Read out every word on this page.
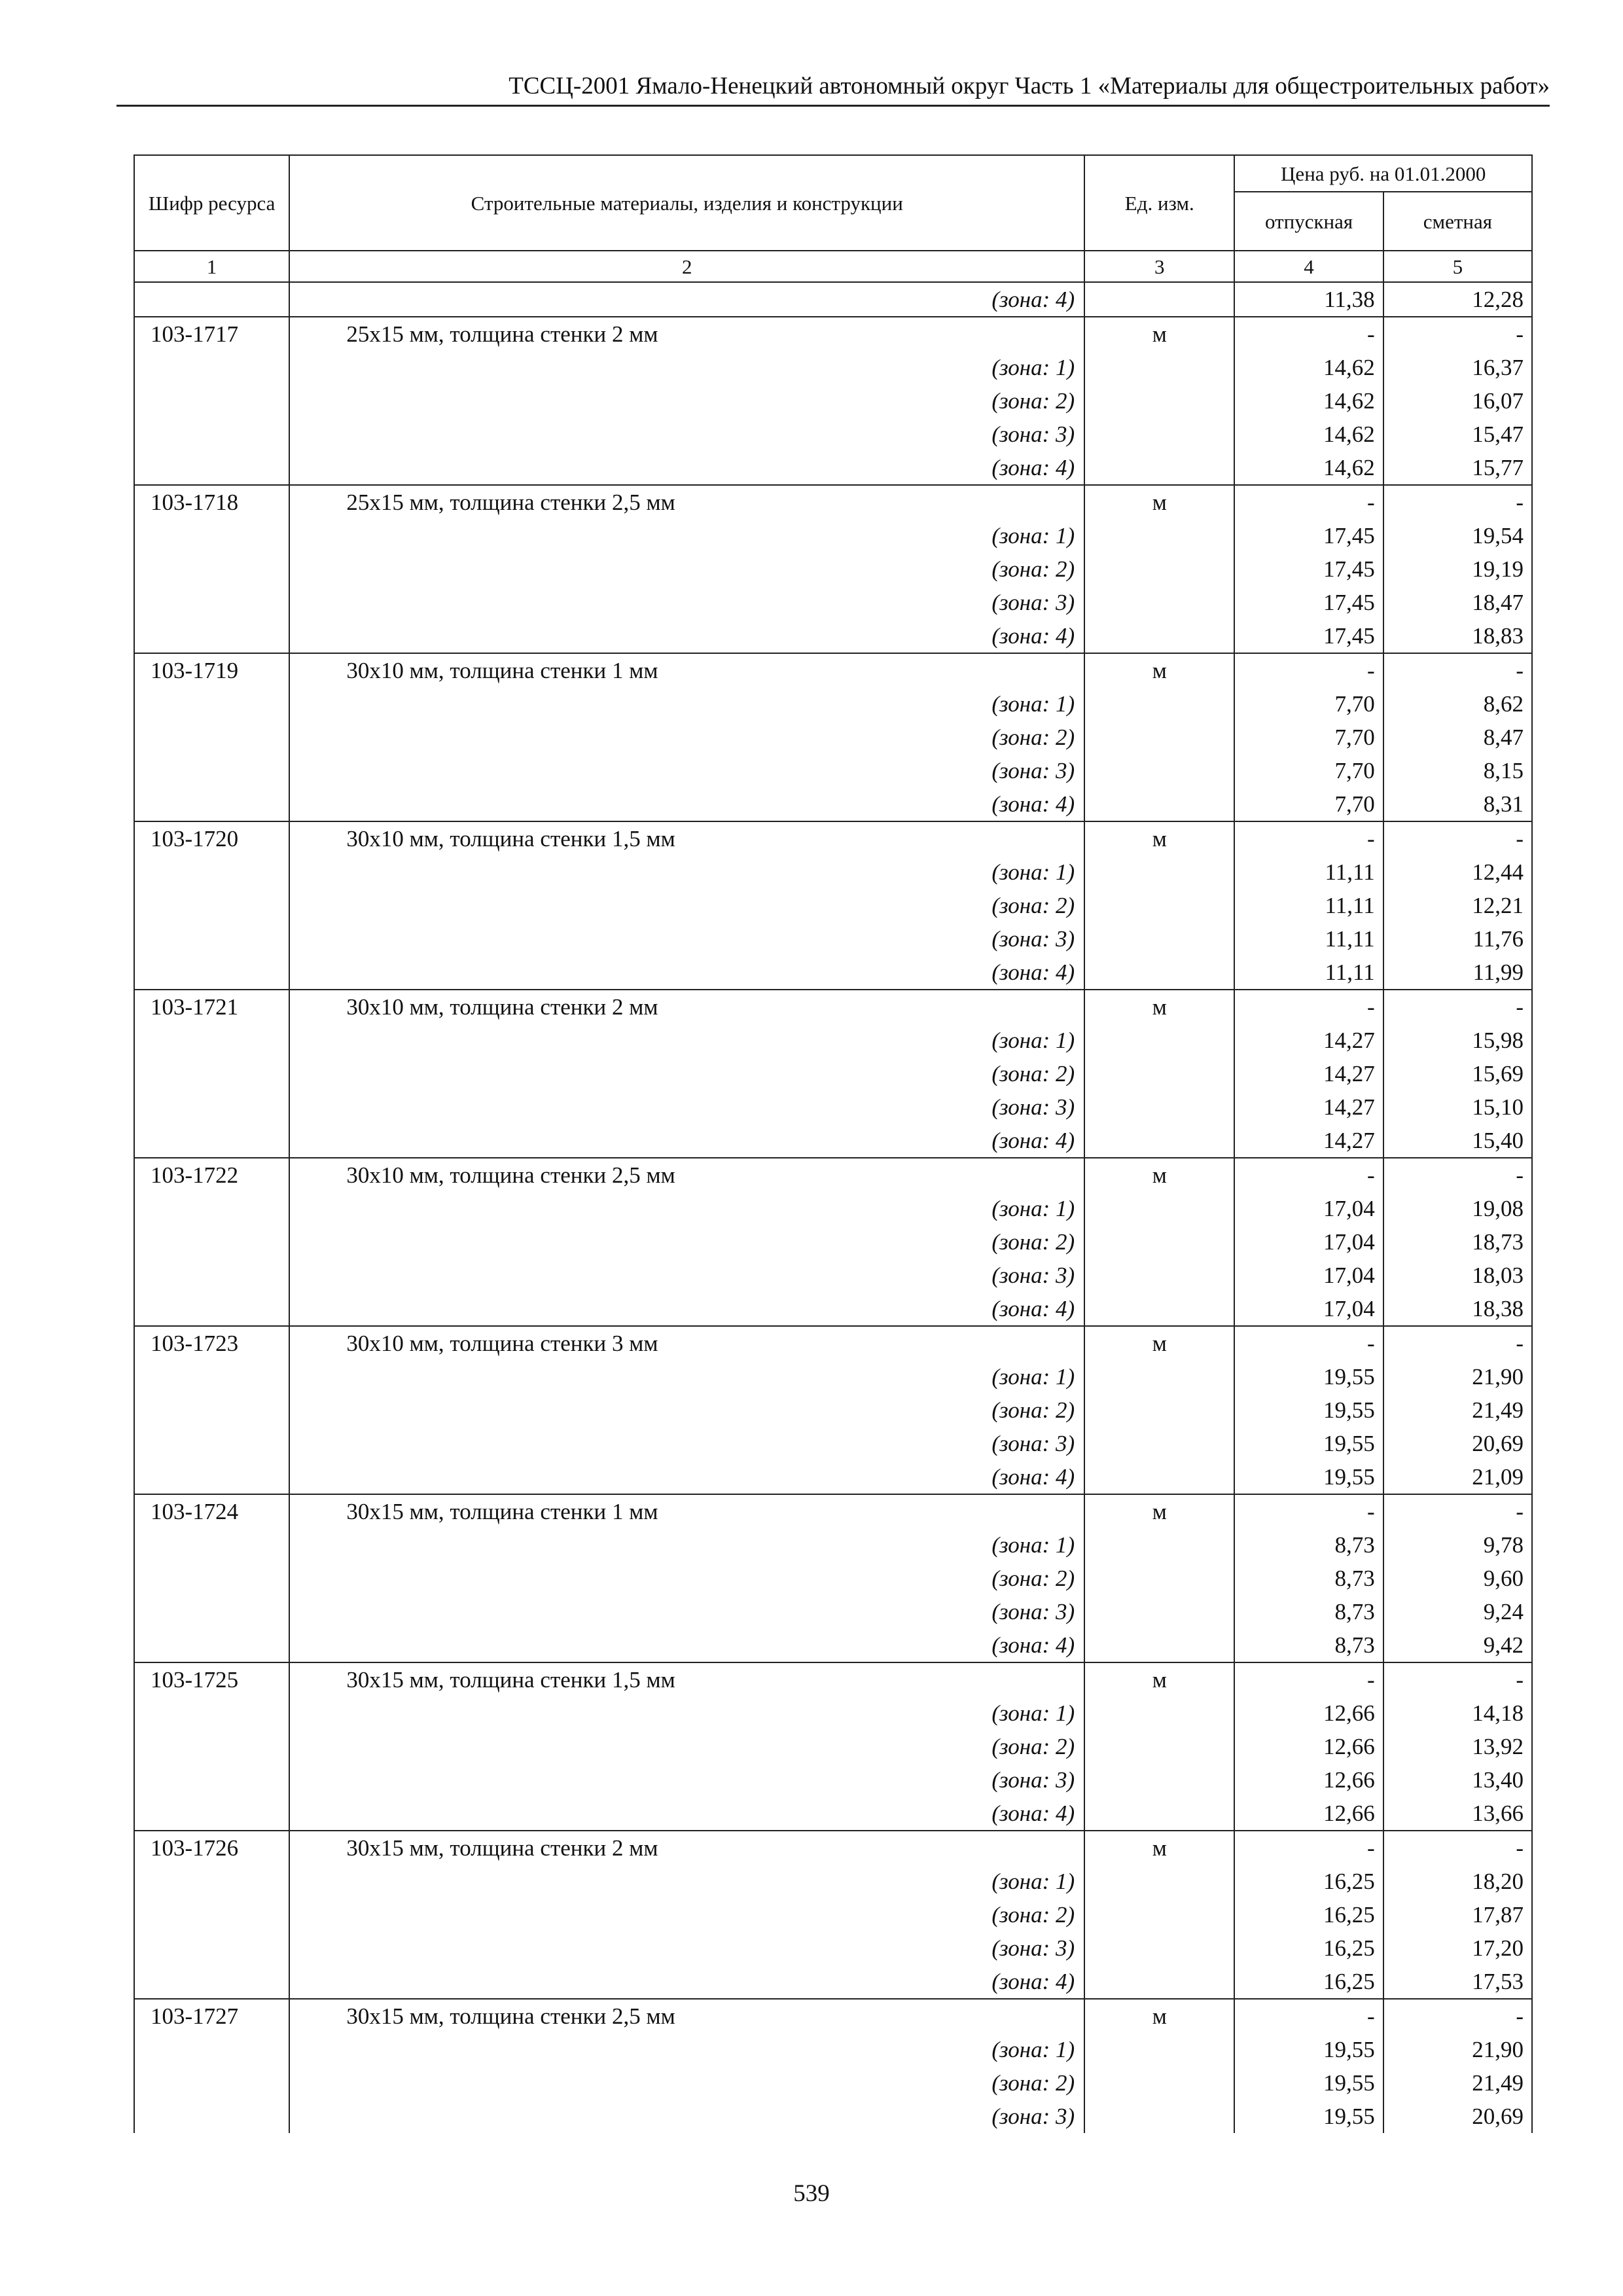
ТССЦ-2001 Ямало-Ненецкий автономный округ Часть 1 «Материалы для общестроительных работ»
Шифр ресурса	Строительные материалы, изделия и конструкции	Ед. изм.	Цена руб. на 01.01.2000	
			отпускная	сметная
1	2	3	4	5
	(зона: 4)		11,38	12,28
103-1717	25x15 мм, толщина стенки 2 мм	м	-	-
	(зона: 1)		14,62	16,37
	(зона: 2)		14,62	16,07
	(зона: 3)		14,62	15,47
	(зона: 4)		14,62	15,77
103-1718	25x15 мм, толщина стенки 2,5 мм	м	-	-
	(зона: 1)		17,45	19,54
	(зона: 2)		17,45	19,19
	(зона: 3)		17,45	18,47
	(зона: 4)		17,45	18,83
103-1719	30x10 мм, толщина стенки 1 мм	м	-	-
	(зона: 1)		7,70	8,62
	(зона: 2)		7,70	8,47
	(зона: 3)		7,70	8,15
	(зона: 4)		7,70	8,31
103-1720	30x10 мм, толщина стенки 1,5 мм	м	-	-
	(зона: 1)		11,11	12,44
	(зона: 2)		11,11	12,21
	(зона: 3)		11,11	11,76
	(зона: 4)		11,11	11,99
103-1721	30x10 мм, толщина стенки 2 мм	м	-	-
	(зона: 1)		14,27	15,98
	(зона: 2)		14,27	15,69
	(зона: 3)		14,27	15,10
	(зона: 4)		14,27	15,40
103-1722	30x10 мм, толщина стенки 2,5 мм	м	-	-
	(зона: 1)		17,04	19,08
	(зона: 2)		17,04	18,73
	(зона: 3)		17,04	18,03
	(зона: 4)		17,04	18,38
103-1723	30x10 мм, толщина стенки 3 мм	м	-	-
	(зона: 1)		19,55	21,90
	(зона: 2)		19,55	21,49
	(зона: 3)		19,55	20,69
	(зона: 4)		19,55	21,09
103-1724	30x15 мм, толщина стенки 1 мм	м	-	-
	(зона: 1)		8,73	9,78
	(зона: 2)		8,73	9,60
	(зона: 3)		8,73	9,24
	(зона: 4)		8,73	9,42
103-1725	30x15 мм, толщина стенки 1,5 мм	м	-	-
	(зона: 1)		12,66	14,18
	(зона: 2)		12,66	13,92
	(зона: 3)		12,66	13,40
	(зона: 4)		12,66	13,66
103-1726	30x15 мм, толщина стенки 2 мм	м	-	-
	(зона: 1)		16,25	18,20
	(зона: 2)		16,25	17,87
	(зона: 3)		16,25	17,20
	(зона: 4)		16,25	17,53
103-1727	30x15 мм, толщина стенки 2,5 мм	м	-	-
	(зона: 1)		19,55	21,90
	(зона: 2)		19,55	21,49
	(зона: 3)		19,55	20,69
539
